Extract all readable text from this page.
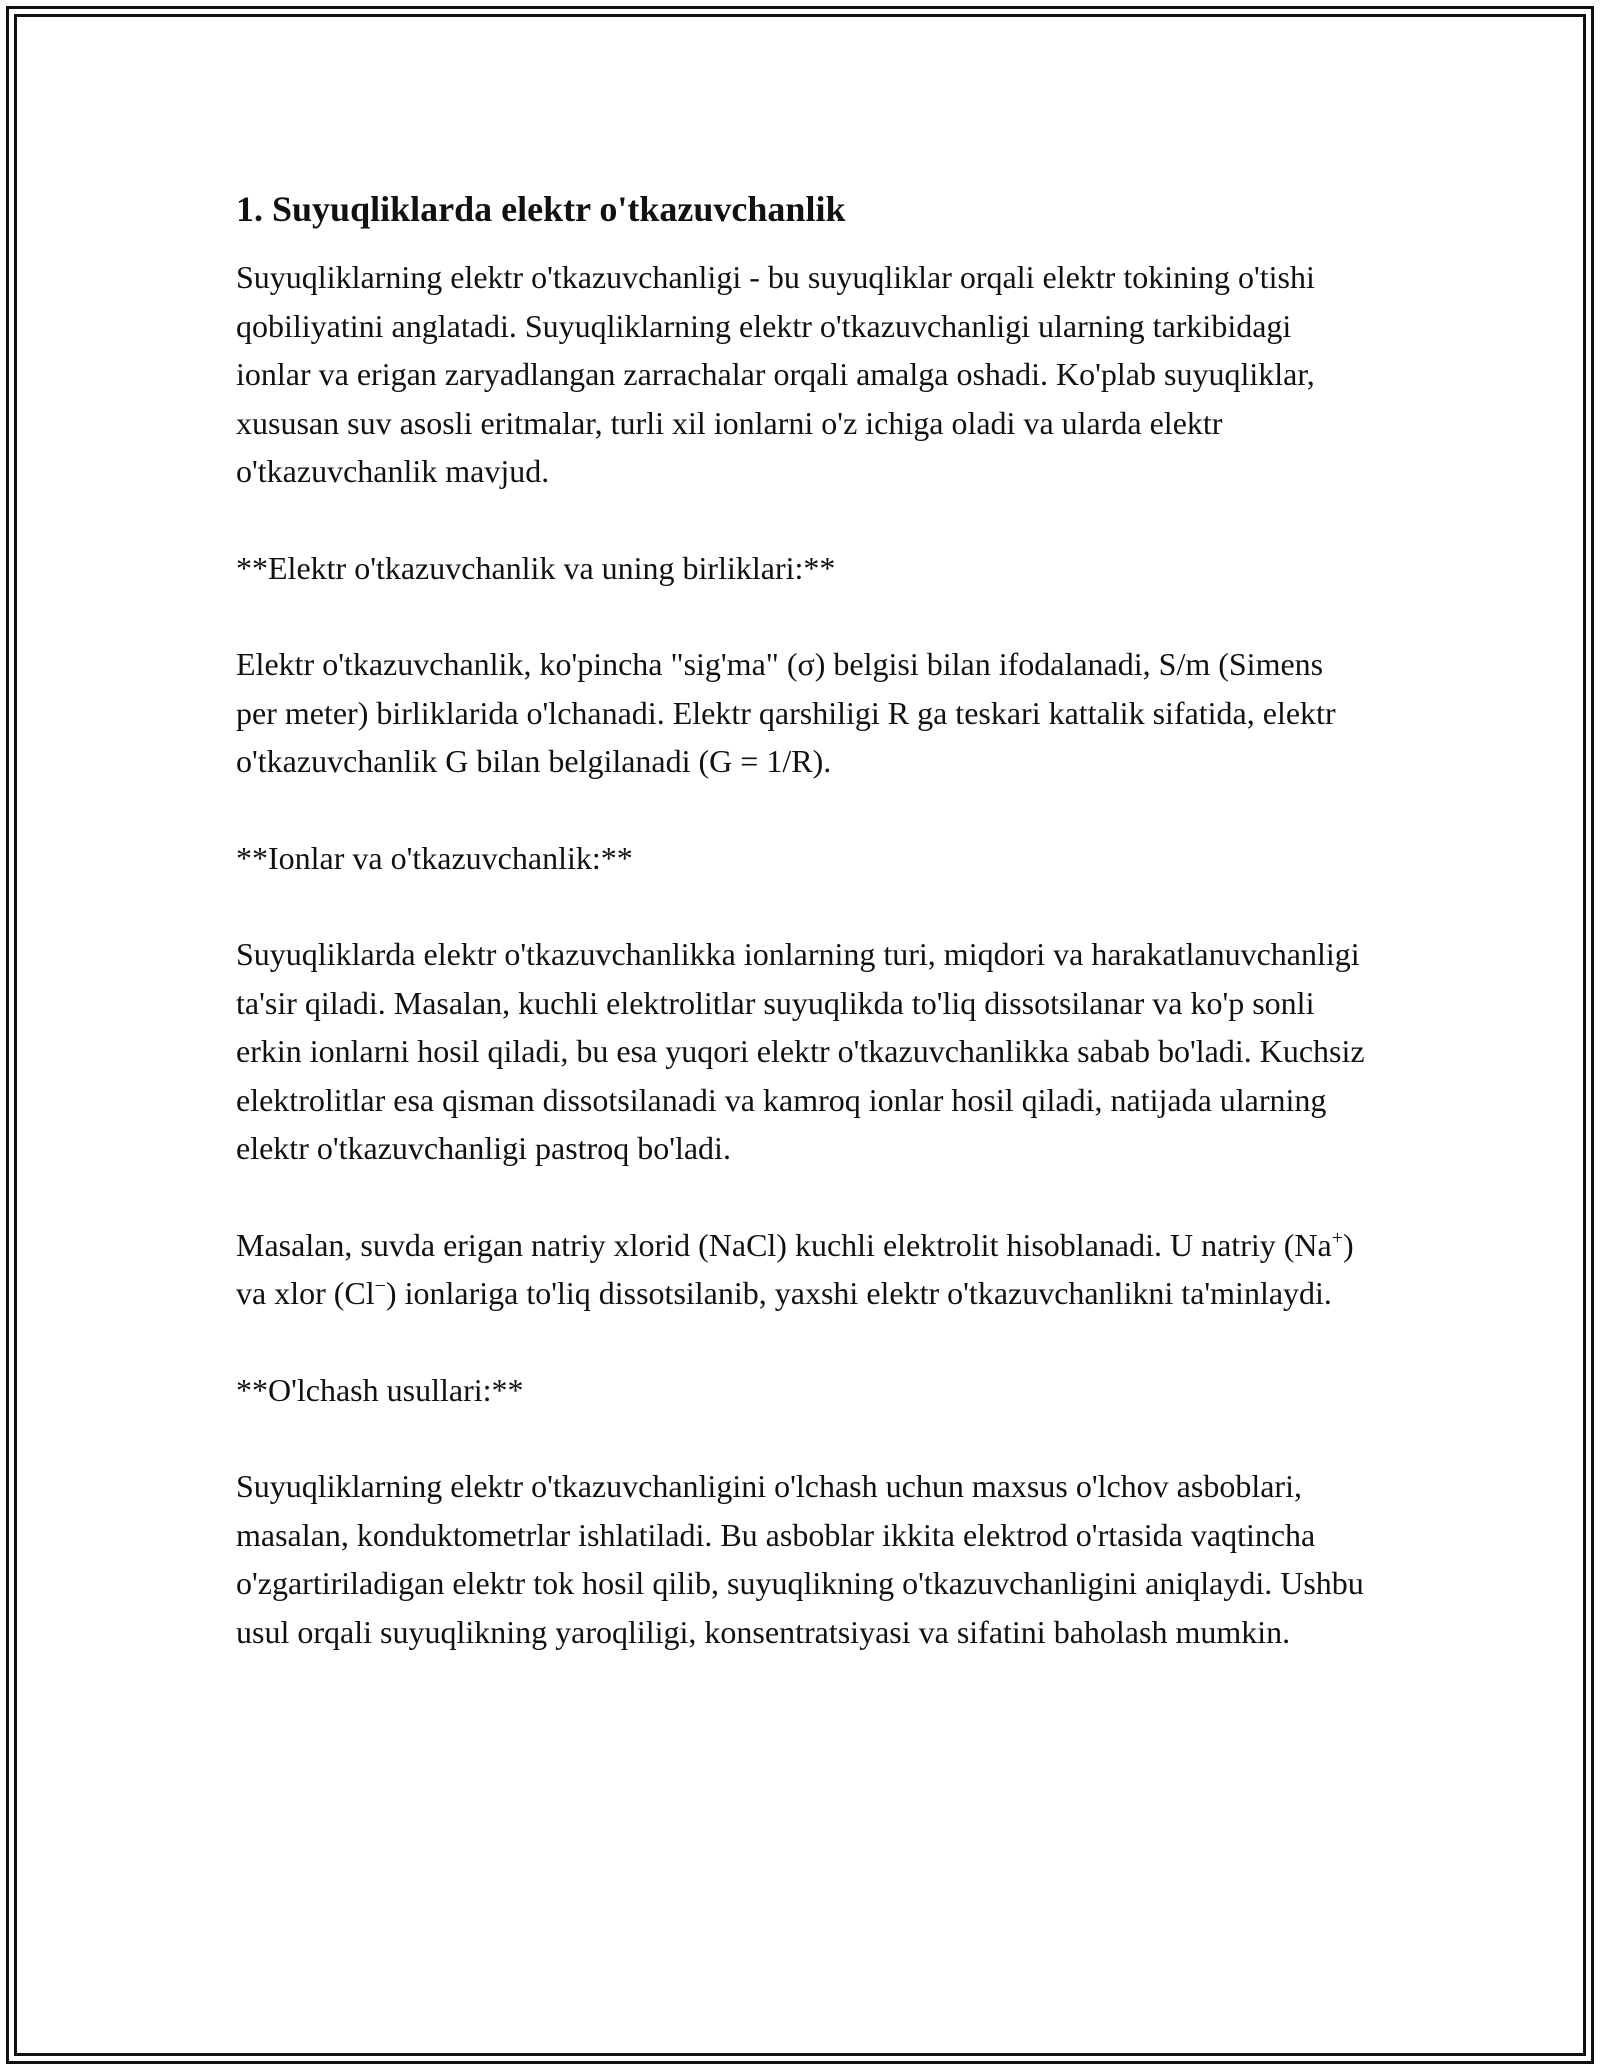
1. Suyuqliklarda elektr o'tkazuvchanlik

Suyuqliklarning elektr o'tkazuvchanligi - bu suyuqliklar orqali elektr tokining o'tishi qobiliyatini anglatadi. Suyuqliklarning elektr o'tkazuvchanligi ularning tarkibidagi ionlar va erigan zaryadlangan zarrachalar orqali amalga oshadi. Ko'plab suyuqliklar, xususan suv asosli eritmalar, turli xil ionlarni o'z ichiga oladi va ularda elektr o'tkazuvchanlik mavjud.

**Elektr o'tkazuvchanlik va uning birliklari:**

Elektr o'tkazuvchanlik, ko'pincha "sig'ma" (σ) belgisi bilan ifodalanadi, S/m (Simens per meter) birliklarida o'lchanadi. Elektr qarshiligi R ga teskari kattalik sifatida, elektr o'tkazuvchanlik G bilan belgilanadi (G = 1/R).

**Ionlar va o'tkazuvchanlik:**

Suyuqliklarda elektr o'tkazuvchanlikka ionlarning turi, miqdori va harakatlanuvchanligi ta'sir qiladi. Masalan, kuchli elektrolitlar suyuqlikda to'liq dissotsilanar va ko'p sonli erkin ionlarni hosil qiladi, bu esa yuqori elektr o'tkazuvchanlikka sabab bo'ladi. Kuchsiz elektrolitlar esa qisman dissotsilanadi va kamroq ionlar hosil qiladi, natijada ularning elektr o'tkazuvchanligi pastroq bo'ladi.

Masalan, suvda erigan natriy xlorid (NaCl) kuchli elektrolit hisoblanadi. U natriy (Na+) va xlor (Cl−) ionlariga to'liq dissotsilanib, yaxshi elektr o'tkazuvchanlikni ta'minlaydi.

**O'lchash usullari:**

Suyuqliklarning elektr o'tkazuvchanligini o'lchash uchun maxsus o'lchov asboblari, masalan, konduktometrlar ishlatiladi. Bu asboblar ikkita elektrod o'rtasida vaqtincha o'zgartiriladigan elektr tok hosil qilib, suyuqlikning o'tkazuvchanligini aniqlaydi. Ushbu usul orqali suyuqlikning yaroqliligi, konsentratsiyasi va sifatini baholash mumkin.
